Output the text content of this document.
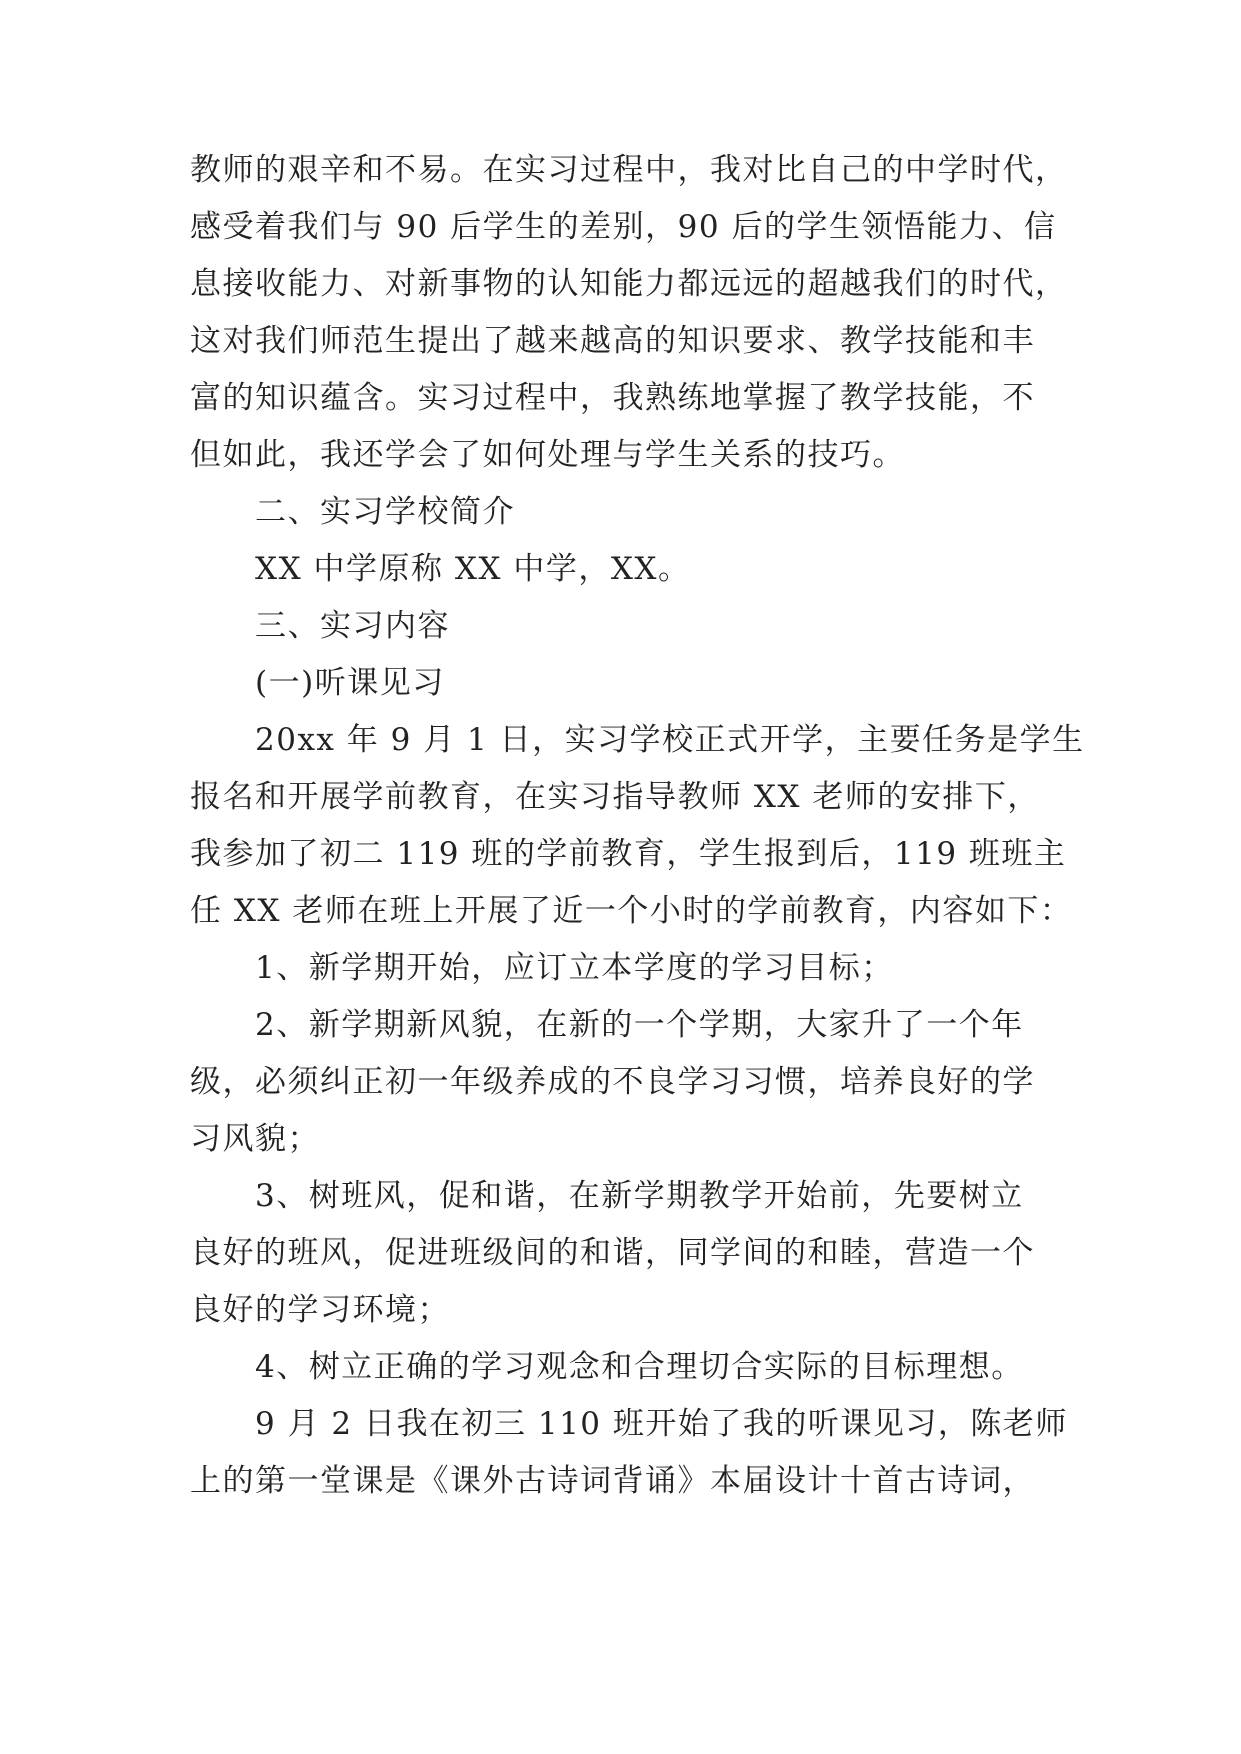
教师的艰辛和不易。在实习过程中，我对比自己的中学时代，
感受着我们与 90 后学生的差别，90 后的学生领悟能力、信
息接收能力、对新事物的认知能力都远远的超越我们的时代，
这对我们师范生提出了越来越高的知识要求、教学技能和丰
富的知识蕴含。实习过程中，我熟练地掌握了教学技能，不
但如此，我还学会了如何处理与学生关系的技巧。
二、实习学校简介
XX 中学原称 XX 中学，XX。
三、实习内容
(一)听课见习
20xx 年 9 月 1 日，实习学校正式开学，主要任务是学生
报名和开展学前教育，在实习指导教师 XX 老师的安排下，
我参加了初二 119 班的学前教育，学生报到后，119 班班主
任 XX 老师在班上开展了近一个小时的学前教育，内容如下：
1、新学期开始，应订立本学度的学习目标；
2、新学期新风貌，在新的一个学期，大家升了一个年
级，必须纠正初一年级养成的不良学习习惯，培养良好的学
习风貌；
3、树班风，促和谐，在新学期教学开始前，先要树立
良好的班风，促进班级间的和谐，同学间的和睦，营造一个
良好的学习环境；
4、树立正确的学习观念和合理切合实际的目标理想。
9 月 2 日我在初三 110 班开始了我的听课见习，陈老师
上的第一堂课是《课外古诗词背诵》本届设计十首古诗词，
